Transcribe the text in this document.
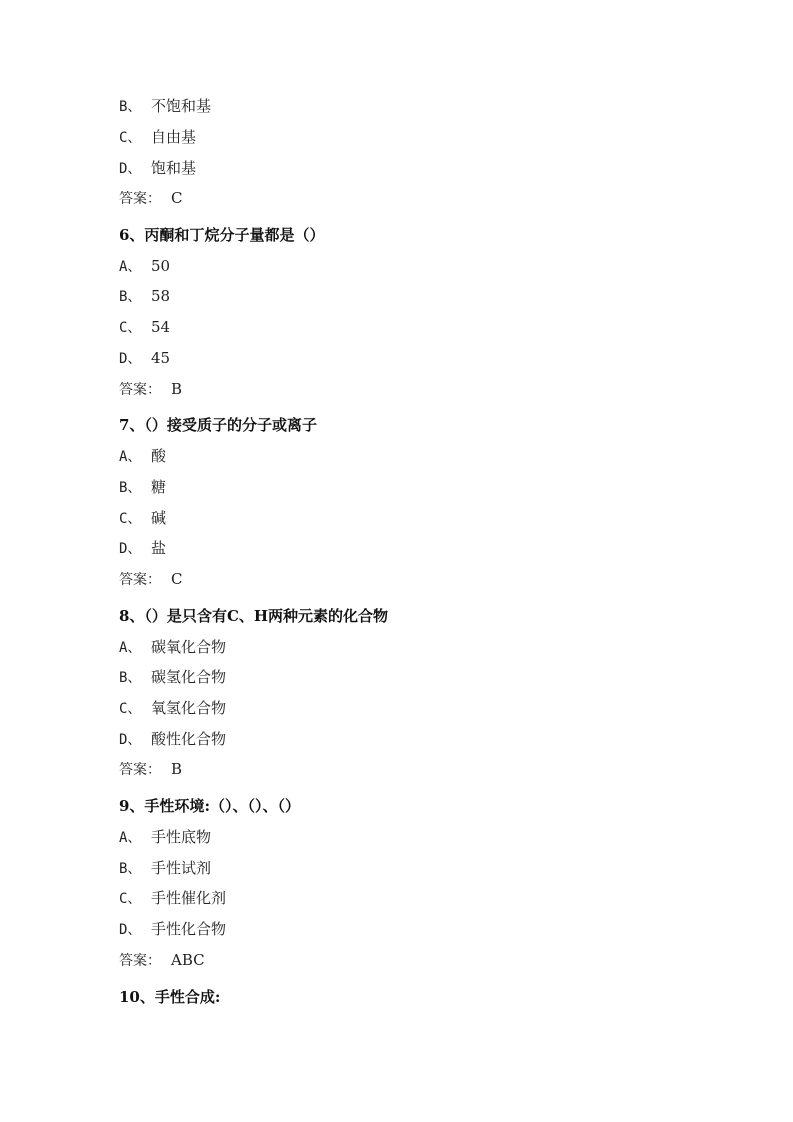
B、 不饱和基
C、 自由基
D、 饱和基
答案： C
6、丙酮和丁烷分子量都是（）
A、 50
B、 58
C、 54
D、 45
答案： B
7、（）接受质子的分子或离子
A、 酸
B、 糖
C、 碱
D、 盐
答案： C
8、（）是只含有C、H两种元素的化合物
A、 碳氧化合物
B、 碳氢化合物
C、 氧氢化合物
D、 酸性化合物
答案： B
9、手性环境:（）、（）、（）
A、 手性底物
B、 手性试剂
C、 手性催化剂
D、 手性化合物
答案： ABC
10、手性合成:
